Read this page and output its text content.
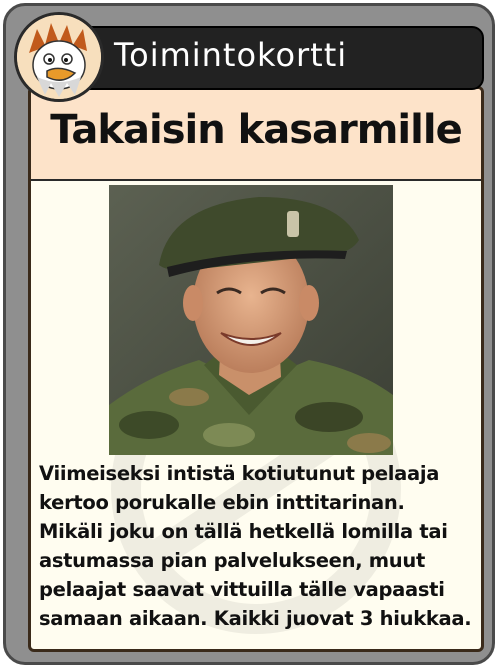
Takaisin kasarmille
Viimeiseksi intistä kotiutunut pelaaja
kertoo porukalle ebin inttitarinan.
Mikäli joku on tällä hetkellä lomilla tai
astumassa pian palvelukseen, muut
pelaajat saavat vittuilla tälle vapaasti
samaan aikaan. Kaikki juovat 3 hiukkaa.
Toimintokortti
